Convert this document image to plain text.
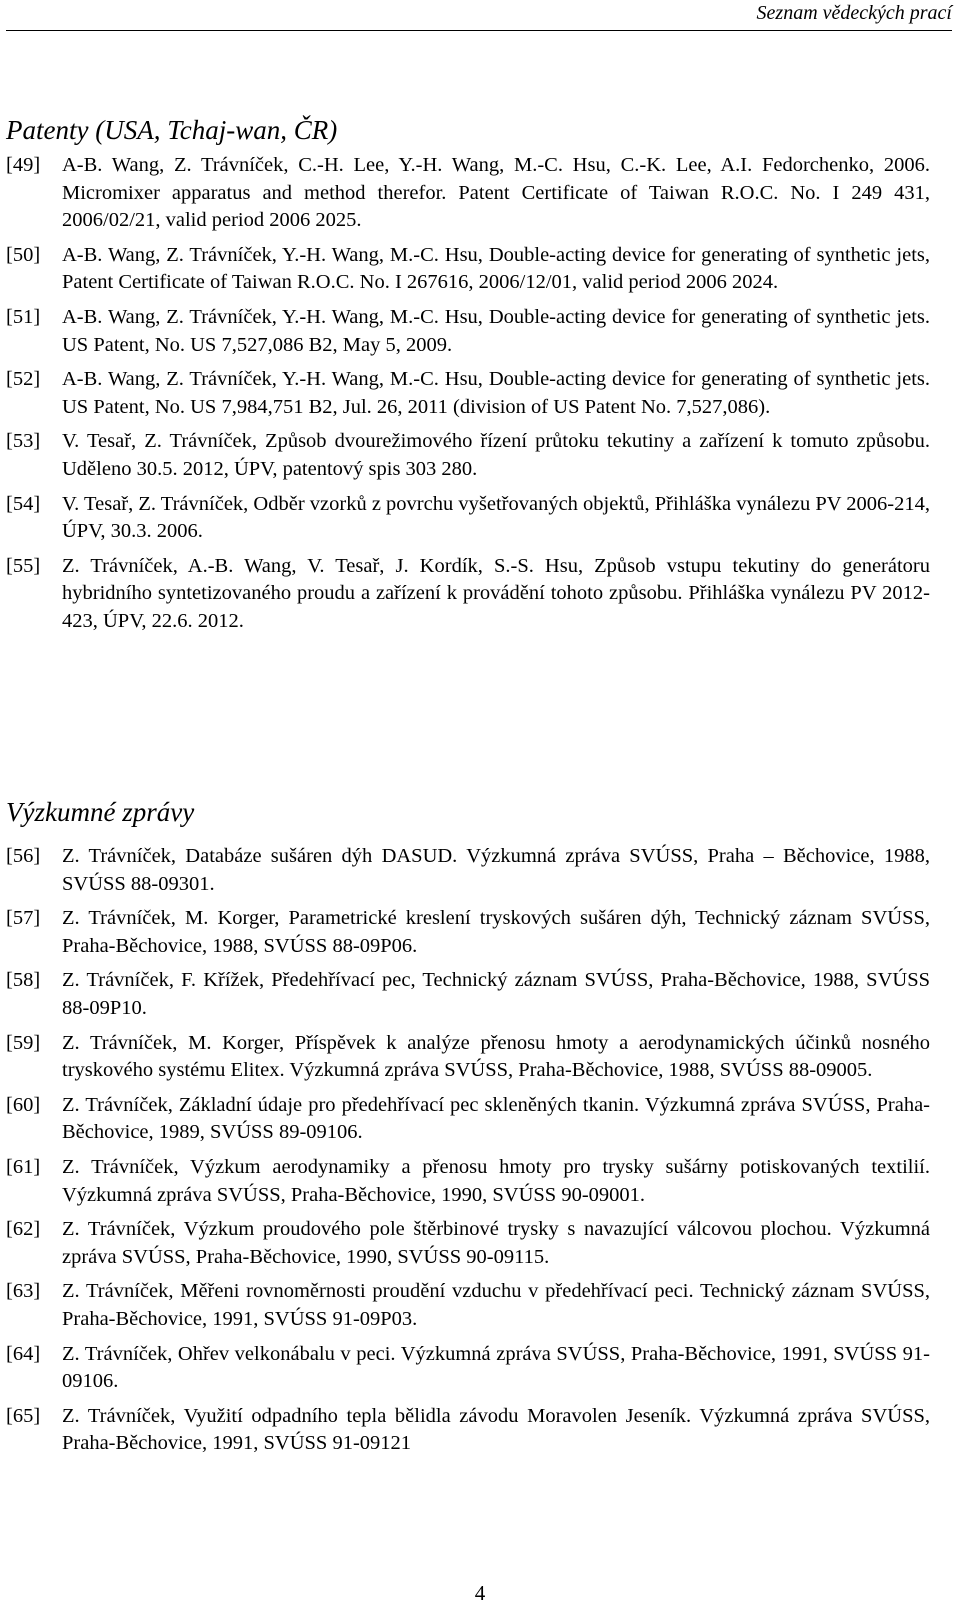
Seznam vědeckých prací
Patenty (USA, Tchaj-wan, ČR)
[49] A-B. Wang, Z. Trávníček, C.-H. Lee, Y.-H. Wang, M.-C. Hsu, C.-K. Lee, A.I. Fedorchenko, 2006. Micromixer apparatus and method therefor. Patent Certificate of Taiwan R.O.C. No. I 249 431, 2006/02/21, valid period 2006 2025.
[50] A-B. Wang, Z. Trávníček, Y.-H. Wang, M.-C. Hsu, Double-acting device for generating of synthetic jets, Patent Certificate of Taiwan R.O.C. No. I 267616, 2006/12/01, valid period 2006 2024.
[51] A-B. Wang, Z. Trávníček, Y.-H. Wang, M.-C. Hsu, Double-acting device for generating of synthetic jets. US Patent, No. US 7,527,086 B2, May 5, 2009.
[52] A-B. Wang, Z. Trávníček, Y.-H. Wang, M.-C. Hsu, Double-acting device for generating of synthetic jets. US Patent, No. US 7,984,751 B2, Jul. 26, 2011 (division of US Patent No. 7,527,086).
[53] V. Tesař, Z. Trávníček, Způsob dvourežimového řízení průtoku tekutiny a zařízení k tomuto způsobu. Uděleno 30.5. 2012, ÚPV, patentový spis 303 280.
[54] V. Tesař, Z. Trávníček, Odběr vzorků z povrchu vyšetřovaných objektů, Přihláška vynálezu PV 2006-214, ÚPV, 30.3. 2006.
[55] Z. Trávníček, A.-B. Wang, V. Tesař, J. Kordík, S.-S. Hsu, Způsob vstupu tekutiny do generátoru hybridního syntetizovaného proudu a zařízení k provádění tohoto způsobu. Přihláška vynálezu PV 2012-423, ÚPV, 22.6. 2012.
Výzkumné zprávy
[56] Z. Trávníček, Databáze sušáren dýh DASUD. Výzkumná zpráva SVÚSS, Praha – Běchovice, 1988, SVÚSS 88-09301.
[57] Z. Trávníček, M. Korger, Parametrické kreslení tryskových sušáren dýh, Technický záznam SVÚSS, Praha-Běchovice, 1988, SVÚSS 88-09P06.
[58] Z. Trávníček, F. Křížek, Předehřívací pec, Technický záznam SVÚSS, Praha-Běchovice, 1988, SVÚSS 88-09P10.
[59] Z. Trávníček, M. Korger, Příspěvek k analýze přenosu hmoty a aerodynamických účinků nosného tryskového systému Elitex. Výzkumná zpráva SVÚSS, Praha-Běchovice, 1988, SVÚSS 88-09005.
[60] Z. Trávníček, Základní údaje pro předehřívací pec skleněných tkanin. Výzkumná zpráva SVÚSS, Praha-Běchovice, 1989, SVÚSS 89-09106.
[61] Z. Trávníček, Výzkum aerodynamiky a přenosu hmoty pro trysky sušárny potiskovaných textilií. Výzkumná zpráva SVÚSS, Praha-Běchovice, 1990, SVÚSS 90-09001.
[62] Z. Trávníček, Výzkum proudového pole štěrbinové trysky s navazující válcovou plochou. Výzkumná zpráva SVÚSS, Praha-Běchovice, 1990, SVÚSS 90-09115.
[63] Z. Trávníček, Měřeni rovnoměrnosti proudění vzduchu v předehřívací peci. Technický záznam SVÚSS, Praha-Běchovice, 1991, SVÚSS 91-09P03.
[64] Z. Trávníček, Ohřev velkonábalu v peci. Výzkumná zpráva SVÚSS, Praha-Běchovice, 1991, SVÚSS 91-09106.
[65] Z. Trávníček, Využití odpadního tepla bělidla závodu Moravolen Jeseník. Výzkumná zpráva SVÚSS, Praha-Běchovice, 1991, SVÚSS 91-09121
4
